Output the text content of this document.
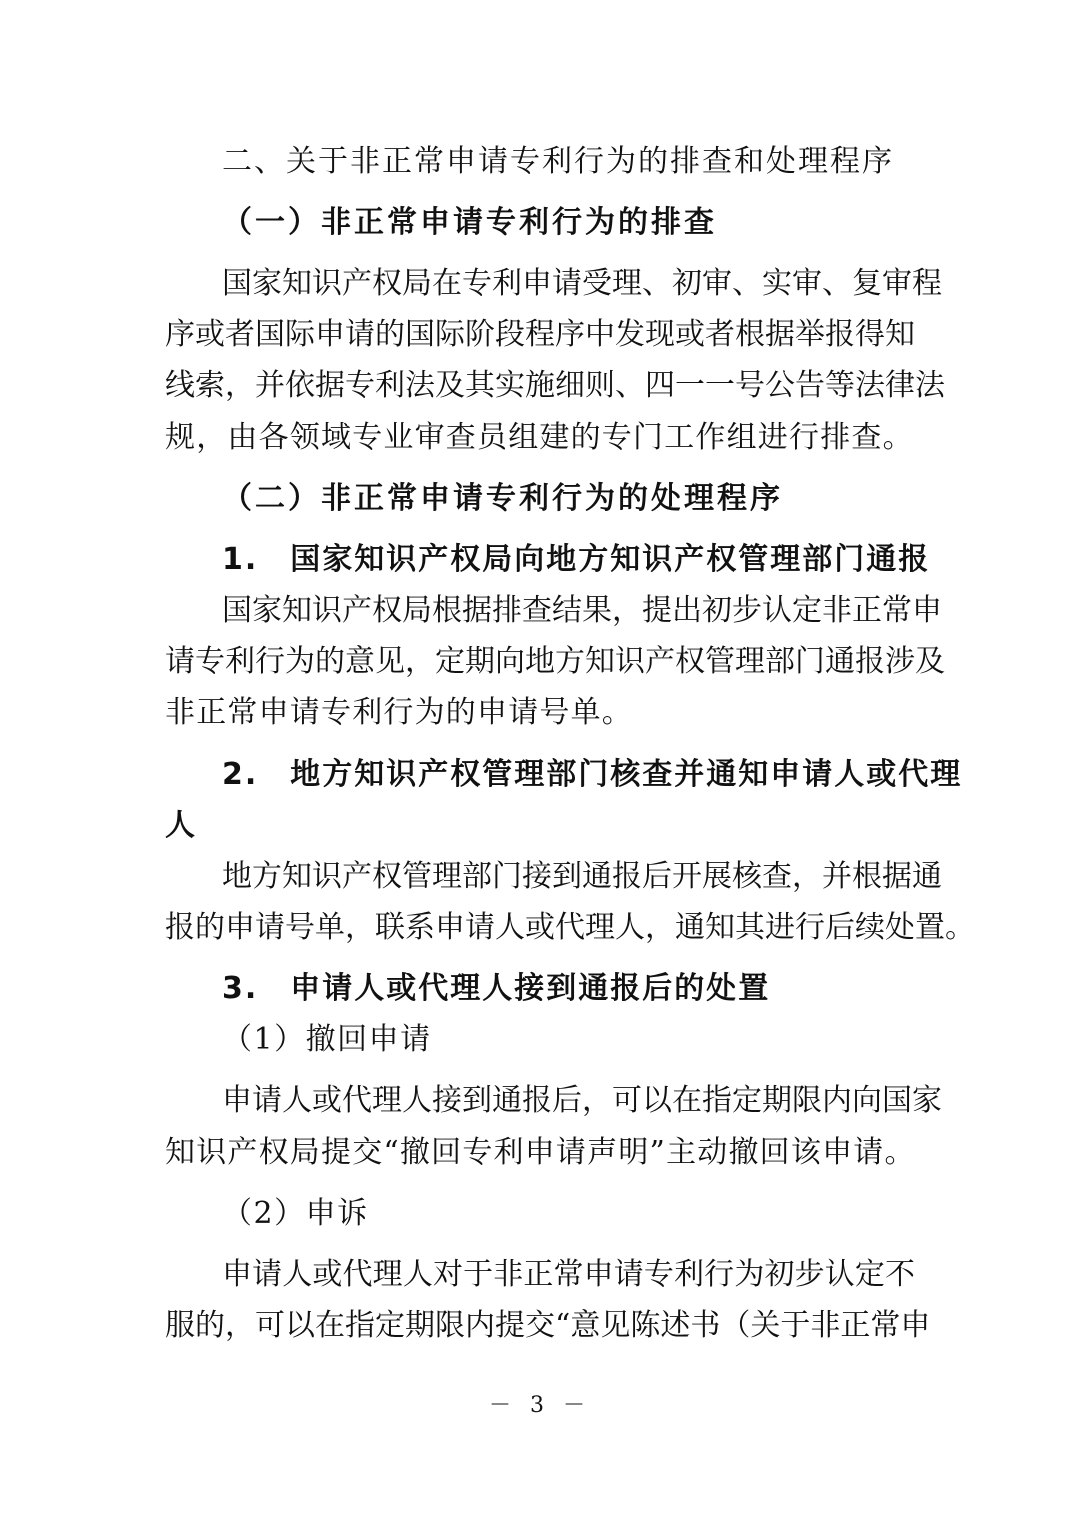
二、关于非正常申请专利行为的排查和处理程序
（一）非正常申请专利行为的排查
国家知识产权局在专利申请受理、初审、实审、复审程
序或者国际申请的国际阶段程序中发现或者根据举报得知
线索，并依据专利法及其实施细则、四一一号公告等法律法
规，由各领域专业审查员组建的专门工作组进行排查。
（二）非正常申请专利行为的处理程序
1.　国家知识产权局向地方知识产权管理部门通报
国家知识产权局根据排查结果，提出初步认定非正常申
请专利行为的意见，定期向地方知识产权管理部门通报涉及
非正常申请专利行为的申请号单。
2.　地方知识产权管理部门核查并通知申请人或代理
人
地方知识产权管理部门接到通报后开展核查，并根据通
报的申请号单，联系申请人或代理人，通知其进行后续处置。
3.　申请人或代理人接到通报后的处置
（1）撤回申请
申请人或代理人接到通报后，可以在指定期限内向国家
知识产权局提交“撤回专利申请声明”主动撤回该申请。
（2）申诉
申请人或代理人对于非正常申请专利行为初步认定不
服的，可以在指定期限内提交“意见陈述书（关于非正常申
－ 3 －
